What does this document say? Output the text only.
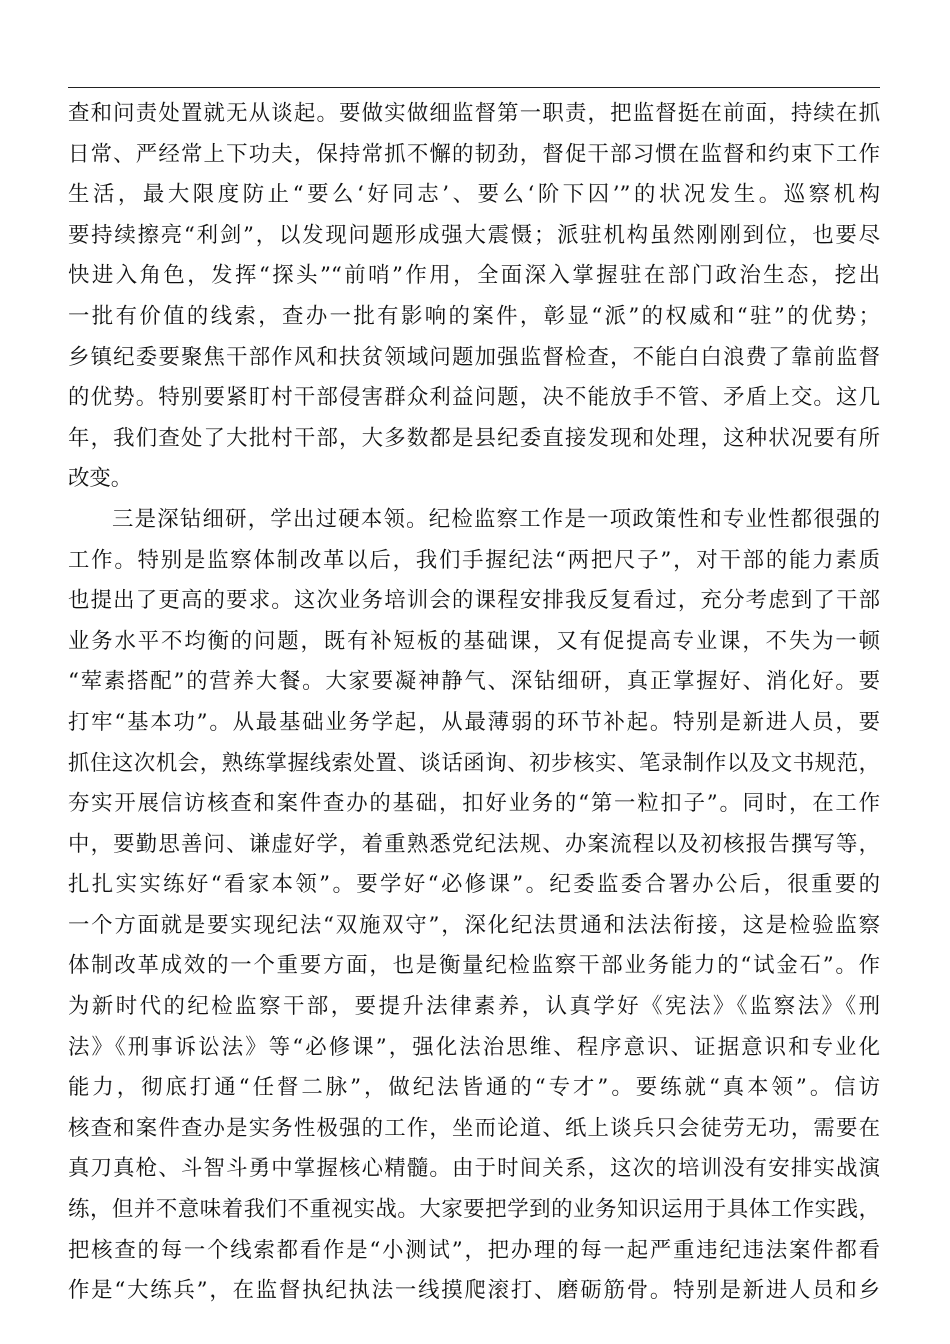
查和问责处置就无从谈起。要做实做细监督第一职责，把监督挺在前面，持续在抓
日常、严经常上下功夫，保持常抓不懈的韧劲，督促干部习惯在监督和约束下工作
生活，最大限度防止“要么‘好同志’、要么‘阶下囚’”的状况发生。巡察机构
要持续擦亮“利剑”，以发现问题形成强大震慑；派驻机构虽然刚刚到位，也要尽
快进入角色，发挥“探头”“前哨”作用，全面深入掌握驻在部门政治生态，挖出
一批有价值的线索，查办一批有影响的案件，彰显“派”的权威和“驻”的优势；
乡镇纪委要聚焦干部作风和扶贫领域问题加强监督检查，不能白白浪费了靠前监督
的优势。特别要紧盯村干部侵害群众利益问题，决不能放手不管、矛盾上交。这几
年，我们查处了大批村干部，大多数都是县纪委直接发现和处理，这种状况要有所
改变。
三是深钻细研，学出过硬本领。纪检监察工作是一项政策性和专业性都很强的
工作。特别是监察体制改革以后，我们手握纪法“两把尺子”，对干部的能力素质
也提出了更高的要求。这次业务培训会的课程安排我反复看过，充分考虑到了干部
业务水平不均衡的问题，既有补短板的基础课，又有促提高专业课，不失为一顿
“荤素搭配”的营养大餐。大家要凝神静气、深钻细研，真正掌握好、消化好。要
打牢“基本功”。从最基础业务学起，从最薄弱的环节补起。特别是新进人员，要
抓住这次机会，熟练掌握线索处置、谈话函询、初步核实、笔录制作以及文书规范，
夯实开展信访核查和案件查办的基础，扣好业务的“第一粒扣子”。同时，在工作
中，要勤思善问、谦虚好学，着重熟悉党纪法规、办案流程以及初核报告撰写等，
扎扎实实练好“看家本领”。要学好“必修课”。纪委监委合署办公后，很重要的
一个方面就是要实现纪法“双施双守”，深化纪法贯通和法法衔接，这是检验监察
体制改革成效的一个重要方面，也是衡量纪检监察干部业务能力的“试金石”。作
为新时代的纪检监察干部，要提升法律素养，认真学好《宪法》《监察法》《刑
法》《刑事诉讼法》等“必修课”，强化法治思维、程序意识、证据意识和专业化
能力，彻底打通“任督二脉”，做纪法皆通的“专才”。要练就“真本领”。信访
核查和案件查办是实务性极强的工作，坐而论道、纸上谈兵只会徒劳无功，需要在
真刀真枪、斗智斗勇中掌握核心精髓。由于时间关系，这次的培训没有安排实战演
练，但并不意味着我们不重视实战。大家要把学到的业务知识运用于具体工作实践，
把核查的每一个线索都看作是“小测试”，把办理的每一起严重违纪违法案件都看
作是“大练兵”，在监督执纪执法一线摸爬滚打、磨砺筋骨。特别是新进人员和乡
